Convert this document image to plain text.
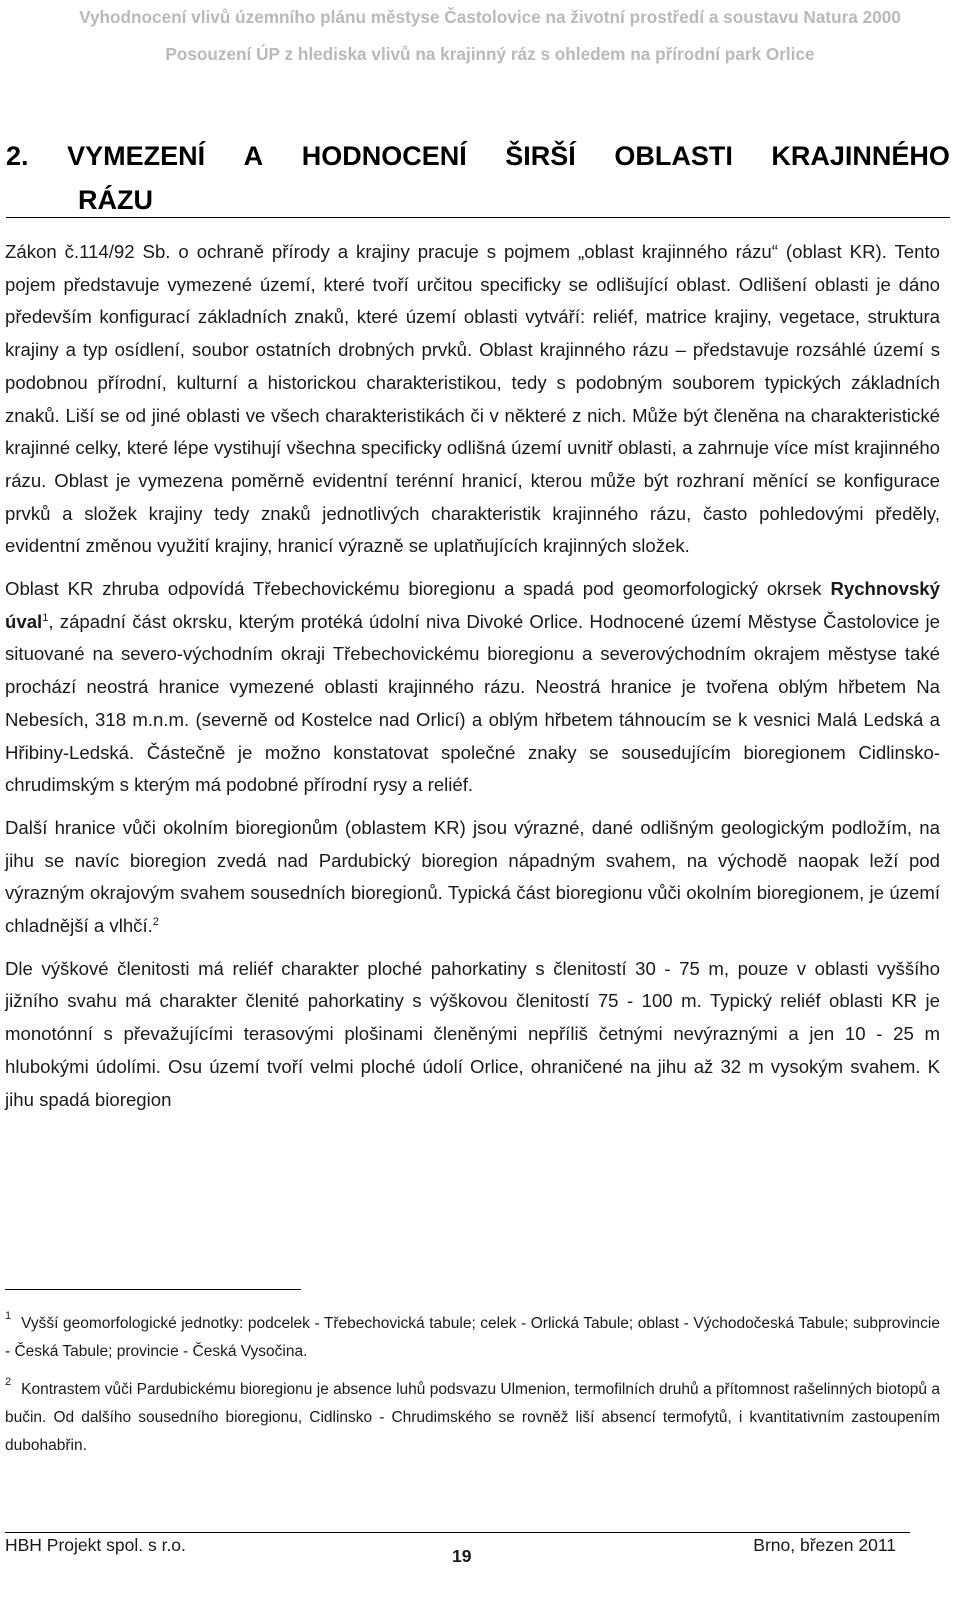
Vyhodnocení vlivů územního plánu městyse Častolovice na životní prostředí a soustavu Natura 2000
Posouzení ÚP z hlediska vlivů na krajinný ráz s ohledem na přírodní park Orlice
2. VYMEZENÍ A HODNOCENÍ ŠIRŠÍ OBLASTI KRAJINNÉHO
RÁZU

Zákon č.114/92 Sb. o ochraně přírody a krajiny pracuje s pojmem „oblast krajinného rázu“ (oblast KR). Tento pojem představuje vymezené území, které tvoří určitou specificky se odlišující oblast. Odlišení oblasti je dáno především konfigurací základních znaků, které území oblasti vytváří: reliéf, matrice krajiny, vegetace, struktura krajiny a typ osídlení, soubor ostatních drobných prvků. Oblast krajinného rázu – představuje rozsáhlé území s podobnou přírodní, kulturní a historickou charakteristikou, tedy s podobným souborem typických základních znaků. Liší se od jiné oblasti ve všech charakteristikách či v některé z nich. Může být členěna na charakteristické krajinné celky, které lépe vystihují všechna specificky odlišná území uvnitř oblasti, a zahrnuje více míst krajinného rázu. Oblast je vymezena poměrně evidentní terénní hranicí, kterou může být rozhraní měnící se konfigurace prvků a složek krajiny tedy znaků jednotlivých charakteristik krajinného rázu, často pohledovými předěly, evidentní změnou využití krajiny, hranicí výrazně se uplatňujících krajinných složek.

Oblast KR zhruba odpovídá Třebechovickému bioregionu a spadá pod geomorfologický okrsek Rychnovský úval$^1$, západní část okrsku, kterým protéká údolní niva Divoké Orlice. Hodnocené území Městyse Častolovice je situované na severo-východním okraji Třebechovickému bioregionu a severovýchodním okrajem městyse také prochází neostrá hranice vymezené oblasti krajinného rázu. Neostrá hranice je tvořena oblým hřbetem Na Nebesích, 318 m.n.m. (severně od Kostelce nad Orlicí) a oblým hřbetem táhnoucím se k vesnici Malá Ledská a Hřibiny-Ledská. Částečně je možno konstatovat společné znaky se sousedujícím bioregionem Cidlinsko-chrudimským s kterým má podobné přírodní rysy a reliéf.

Další hranice vůči okolním bioregionům (oblastem KR) jsou výrazné, dané odlišným geologickým podložím, na jihu se navíc bioregion zvedá nad Pardubický bioregion nápadným svahem, na východě naopak leží pod výrazným okrajovým svahem sousedních bioregionů. Typická část bioregionu vůči okolním bioregionem, je území chladnější a vlhčí.$^2$

Dle výškové členitosti má reliéf charakter ploché pahorkatiny s členitostí 30 - 75 m, pouze v oblasti vyššího jižního svahu má charakter členité pahorkatiny s výškovou členitostí 75 - 100 m. Typický reliéf oblasti KR je monotónní s převažujícími terasovými plošinami členěnými nepříliš četnými nevýraznými a jen 10 - 25 m hlubokými údolími. Osu území tvoří velmi ploché údolí Orlice, ohraničené na jihu až 32 m vysokým svahem. K jihu spadá bioregion

$^1$ Vyšší geomorfologické jednotky: podcelek - Třebechovická tabule; celek - Orlická Tabule; oblast - Východočeská Tabule; subprovincie - Česká Tabule; provincie - Česká Vysočina.

$^2$ Kontrastem vůči Pardubickému bioregionu je absence luhů podsvazu Ulmenion, termofilních druhů a přítomnost rašelinných biotopů a bučin. Od dalšího sousedního bioregionu, Cidlinsko - Chrudimského se rovněž liší absencí termofytů, i kvantitativním zastoupením dubohabřin.

HBH Projekt spol. s r.o.
19
Brno, březen 2011
